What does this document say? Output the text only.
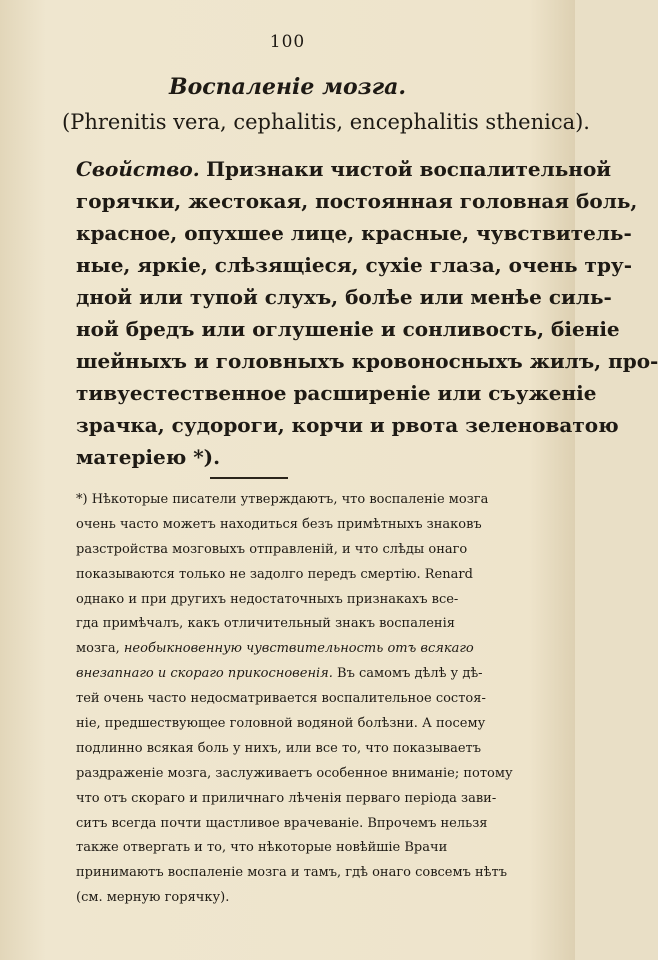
100
Воспаленіе мозга.
(Phrenitis vera, cephalitis, encephalitis sthenica).
Свойство. Признаки чистой воспалительной
горячки, жестокая, постоянная головная боль,
красное, опухшее лице, красные, чувствитель-
ные, яркіе, слѣзящіеся, сухіе глаза, очень тру-
дной или тупой слухъ, болѣе или менѣе силь-
ной бредъ или оглушеніе и сонливость, біеніе
шейныхъ и головныхъ кровоносныхъ жилъ, про-
тивуестественное расширеніе или съуженіе
зрачка, судороги, корчи и рвота зеленоватою
матеріею *).
*) Нѣкоторые писатели утверждаютъ, что воспаленіе мозга
очень часто можетъ находиться безъ примѣтныхъ знаковъ
разстройства мозговыхъ отправленій, и что слѣды онаго
показываются только не задолго передъ смертію. Renard
однако и при другихъ недостаточныхъ признакахъ все-
гда примѣчалъ, какъ отличительный знакъ воспаленія
мозга, необыкновенную чувствительность отъ всякаго
внезапнаго и скораго прикосновенія. Въ самомъ дѣлѣ у дѣ-
тей очень часто недосматривается воспалительное состоя-
ніе, предшествующее головной водяной болѣзни. А посему
подлинно всякая боль у нихъ, или все то, что показываетъ
раздраженіе мозга, заслуживаетъ особенное вниманіе; потому
что отъ скораго и приличнаго лѣченія перваго періода зави-
ситъ всегда почти щастливое врачеваніе. Впрочемъ нельзя
также отвергать и то, что нѣкоторые новѣйшіе Врачи
принимаютъ воспаленіе мозга и тамъ, гдѣ онаго совсемъ нѣтъ
(см. мерную горячку).
